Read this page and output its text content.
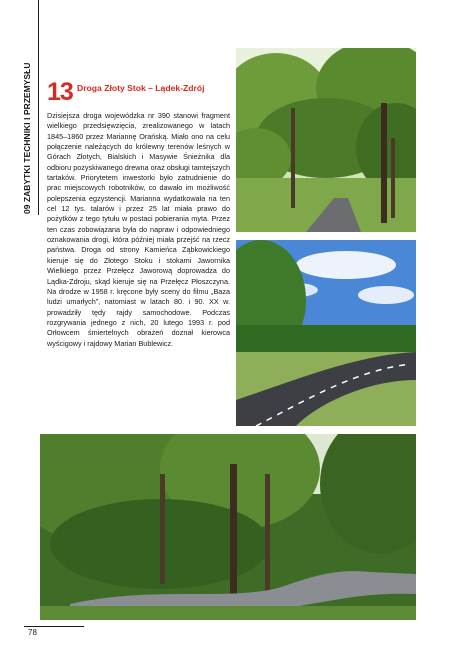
09 ZABYTKI TECHNIKI I PRZEMYSŁU 13 Droga Złoty Stok – Lądek-Zdrój

Dzisiejsza droga wojewódzka nr 390 stanowi fragment wielkiego przedsięwzięcia, zrealizowanego w latach 1845–1860 przez Mariannę Orańską. Miało ono na celu połączenie należących do królewny terenów leśnych w Górach Złotych, Bialskich i Masywie Śnieżnika dla odbioru pozyskiwanego drewna oraz obsługi tamtejszych tartaków. Priorytetem inwestorki było zatrudnienie do prac miejscowych robotników, co dawało im możliwość polepszenia egzystencji. Marianna wydatkowała na ten cel 12 tys. talarów i przez 25 lat miała prawo do pożytków z tego tytułu w postaci pobierania myta. Przez ten czas zobowiązana była do napraw i odpowiedniego oznakowania drogi, która później miała przejść na rzecz państwa. Droga od strony Kamieńca Ząbkowickiego kieruje się do Złotego Stoku i stokami Jawornika Wielkiego przez Przełęcz Jaworową doprowadza do Lądka-Zdroju, skąd kieruje się na Przełęcz Płoszczyna. Na drodze w 1958 r. kręcone były sceny do filmu „Baza ludzi umarłych”, natomiast w latach 80. i 90. XX w. prowadziły tędy rajdy samochodowe. Podczas rozgrywania jednego z nich, 20 lutego 1993 r. pod Orłowcem śmiertelnych obrażeń doznał kierowca wyścigowy i rajdowy Marian Bublewicz.

78
